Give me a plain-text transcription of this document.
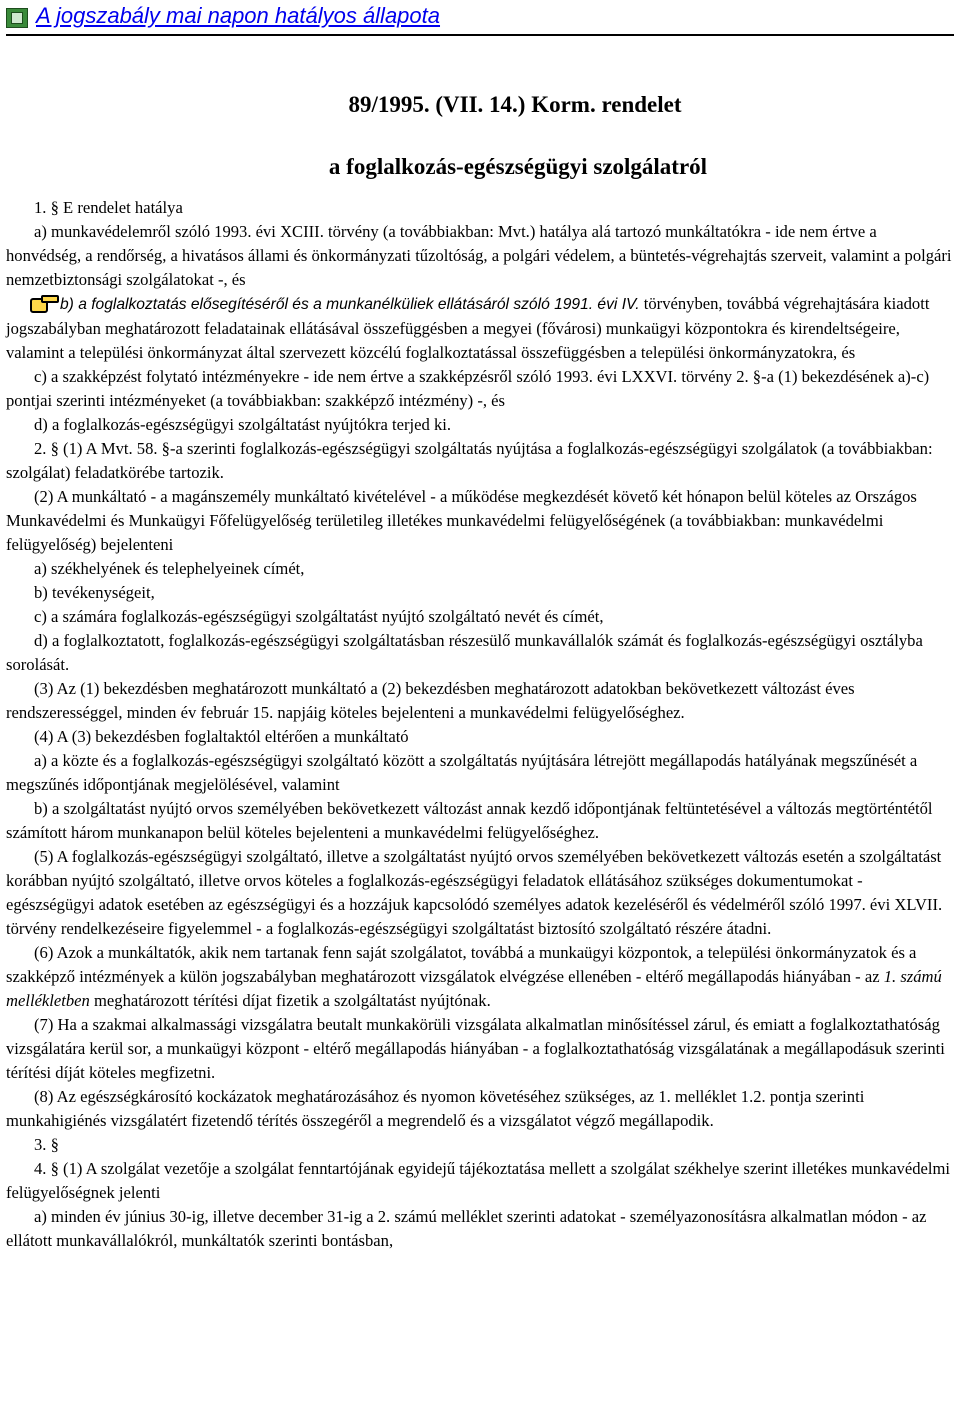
A jogszabály mai napon hatályos állapota

89/1995. (VII. 14.) Korm. rendelet

a foglalkozás-egészségügyi szolgálatról

1. § E rendelet hatálya

a) munkavédelemről szóló 1993. évi XCIII. törvény (a továbbiakban: Mvt.) hatálya alá tartozó munkáltatókra - ide nem értve a honvédség, a rendőrség, a hivatásos állami és önkormányzati tűzoltóság, a polgári védelem, a büntetés-végrehajtás szerveit, valamint a polgári nemzetbiztonsági szolgálatokat -, és

b) a foglalkoztatás elősegítéséről és a munkanélküliek ellátásáról szóló 1991. évi IV. törvényben, továbbá végrehajtására kiadott jogszabályban meghatározott feladatainak ellátásával összefüggésben a megyei (fővárosi) munkaügyi központokra és kirendeltségeire, valamint a települési önkormányzat által szervezett közcélú foglalkoztatással összefüggésben a települési önkormányzatokra, és

c) a szakképzést folytató intézményekre - ide nem értve a szakképzésről szóló 1993. évi LXXVI. törvény 2. §-a (1) bekezdésének a)-c) pontjai szerinti intézményeket (a továbbiakban: szakképző intézmény) -, és

d) a foglalkozás-egészségügyi szolgáltatást nyújtókra terjed ki.

2. § (1) A Mvt. 58. §-a szerinti foglalkozás-egészségügyi szolgáltatás nyújtása a foglalkozás-egészségügyi szolgálatok (a továbbiakban: szolgálat) feladatkörébe tartozik.

(2) A munkáltató - a magánszemély munkáltató kivételével - a működése megkezdését követő két hónapon belül köteles az Országos Munkavédelmi és Munkaügyi Főfelügyelőség területileg illetékes munkavédelmi felügyelőségének (a továbbiakban: munkavédelmi felügyelőség) bejelenteni

a) székhelyének és telephelyeinek címét,

b) tevékenységeit,

c) a számára foglalkozás-egészségügyi szolgáltatást nyújtó szolgáltató nevét és címét,

d) a foglalkoztatott, foglalkozás-egészségügyi szolgáltatásban részesülő munkavállalók számát és foglalkozás-egészségügyi osztályba sorolását.

(3) Az (1) bekezdésben meghatározott munkáltató a (2) bekezdésben meghatározott adatokban bekövetkezett változást éves rendszerességgel, minden év február 15. napjáig köteles bejelenteni a munkavédelmi felügyelőséghez.

(4) A (3) bekezdésben foglaltaktól eltérően a munkáltató

a) a közte és a foglalkozás-egészségügyi szolgáltató között a szolgáltatás nyújtására létrejött megállapodás hatályának megszűnését a megszűnés időpontjának megjelölésével, valamint

b) a szolgáltatást nyújtó orvos személyében bekövetkezett változást annak kezdő időpontjának feltüntetésével a változás megtörténtétől számított három munkanapon belül köteles bejelenteni a munkavédelmi felügyelőséghez.

(5) A foglalkozás-egészségügyi szolgáltató, illetve a szolgáltatást nyújtó orvos személyében bekövetkezett változás esetén a szolgáltatást korábban nyújtó szolgáltató, illetve orvos köteles a foglalkozás-egészségügyi feladatok ellátásához szükséges dokumentumokat - egészségügyi adatok esetében az egészségügyi és a hozzájuk kapcsolódó személyes adatok kezeléséről és védelméről szóló 1997. évi XLVII. törvény rendelkezéseire figyelemmel - a foglalkozás-egészségügyi szolgáltatást biztosító szolgáltató részére átadni.

(6) Azok a munkáltatók, akik nem tartanak fenn saját szolgálatot, továbbá a munkaügyi központok, a települési önkormányzatok és a szakképző intézmények a külön jogszabályban meghatározott vizsgálatok elvégzése ellenében - eltérő megállapodás hiányában - az 1. számú mellékletben meghatározott térítési díjat fizetik a szolgáltatást nyújtónak.

(7) Ha a szakmai alkalmassági vizsgálatra beutalt munkakörüli vizsgálata alkalmatlan minősítéssel zárul, és emiatt a foglalkoztathatóság vizsgálatára kerül sor, a munkaügyi központ - eltérő megállapodás hiányában - a foglalkoztathatóság vizsgálatának a megállapodásuk szerinti térítési díját köteles megfizetni.

(8) Az egészségkárosító kockázatok meghatározásához és nyomon követéséhez szükséges, az 1. melléklet 1.2. pontja szerinti munkahigiénés vizsgálatért fizetendő térítés összegéről a megrendelő és a vizsgálatot végző megállapodik.

3. §

4. § (1) A szolgálat vezetője a szolgálat fenntartójának egyidejű tájékoztatása mellett a szolgálat székhelye szerint illetékes munkavédelmi felügyelőségnek jelenti

a) minden év június 30-ig, illetve december 31-ig a 2. számú melléklet szerinti adatokat - személyazonosításra alkalmatlan módon - az ellátott munkavállalókról, munkáltatók szerinti bontásban,
